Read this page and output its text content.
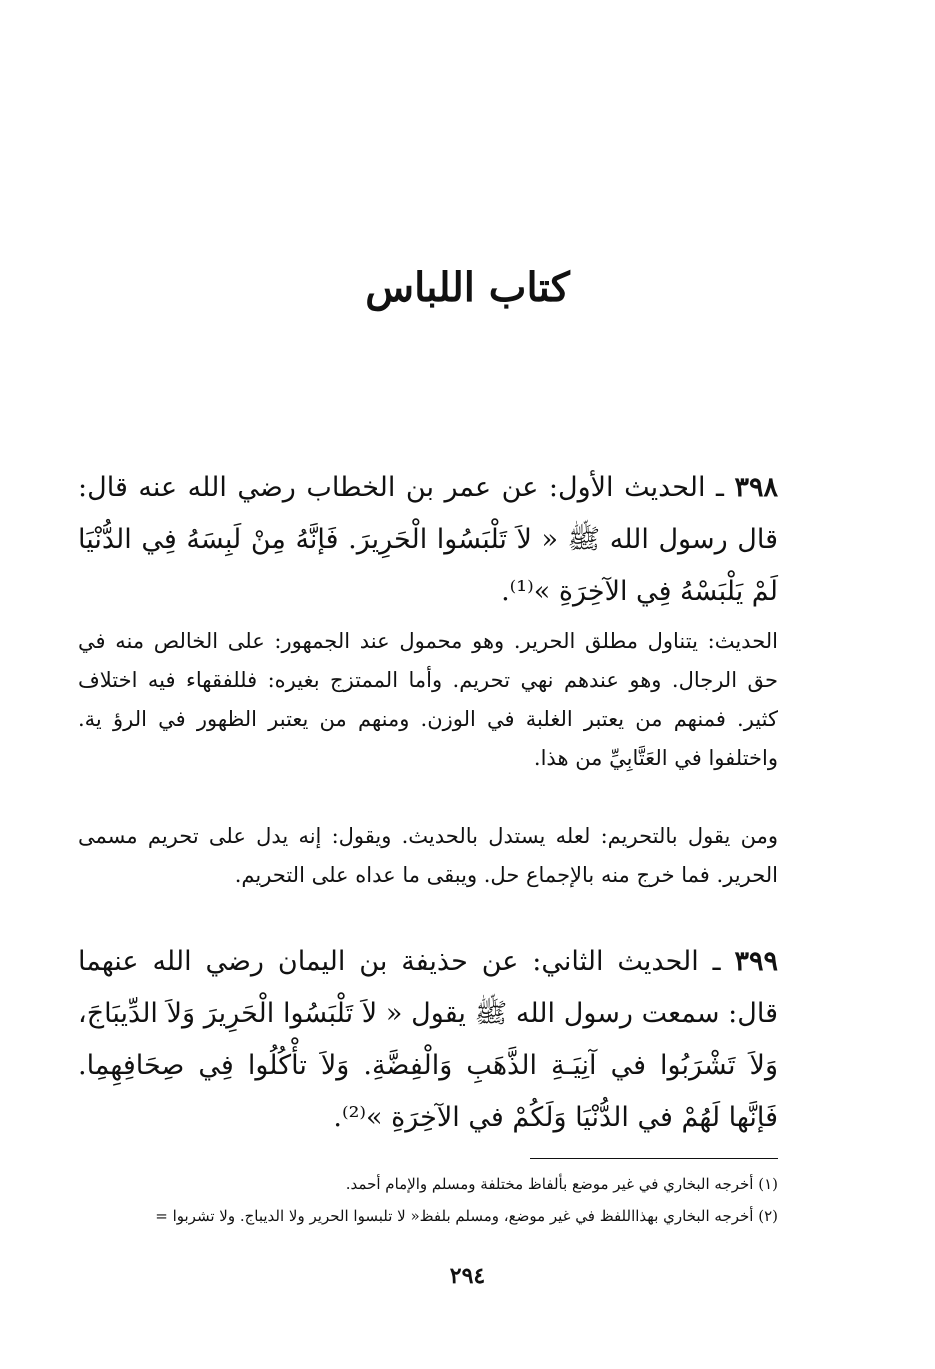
كتاب اللباس
٣٩٨ ـ الحديث الأول: عن عمر بن الخطاب رضي الله عنه قال: قال رسول الله ﷺ « لاَ تَلْبَسُوا الْحَرِيرَ. فَإنَّهُ مِنْ لَبِسَهُ فِي الدُّنْيَا لَمْ يَلْبَسْهُ فِي الآخِرَةِ »⁽¹⁾.
الحديث: يتناول مطلق الحرير. وهو محمول عند الجمهور: على الخالص منه في حق الرجال. وهو عندهم نهي تحريم. وأما الممتزج بغيره: فللفقهاء فيه اختلاف كثير. فمنهم من يعتبر الغلبة في الوزن. ومنهم من يعتبر الظهور في الرؤ ية. واختلفوا في العَتَّابِيِّ من هذا.
ومن يقول بالتحريم: لعله يستدل بالحديث. ويقول: إنه يدل على تحريم مسمى الحرير. فما خرج منه بالإجماع حل. ويبقى ما عداه على التحريم.
٣٩٩ ـ الحديث الثاني: عن حذيفة بن اليمان رضي الله عنهما قال: سمعت رسول الله ﷺ يقول « لاَ تَلْبَسُوا الْحَرِيرَ وَلاَ الدِّيبَاجَ، وَلاَ تَشْرَبُوا في آنِيَـةِ الذَّهَبِ وَالْفِضَّةِ. وَلاَ تأْكُلُوا فِي صِحَافِهِمِا. فَإنَّها لَهُمْ في الدُّنْيَا وَلَكُمْ في الآخِرَةِ »⁽²⁾.
(١) أخرجه البخاري في غير موضع بألفاظ مختلفة ومسلم والإمام أحمد.
(٢) أخرجه البخاري بهذااللفظ في غير موضع، ومسلم بلفظ« لا تلبسوا الحرير ولا الديباج. ولا تشربوا =
٢٩٤
